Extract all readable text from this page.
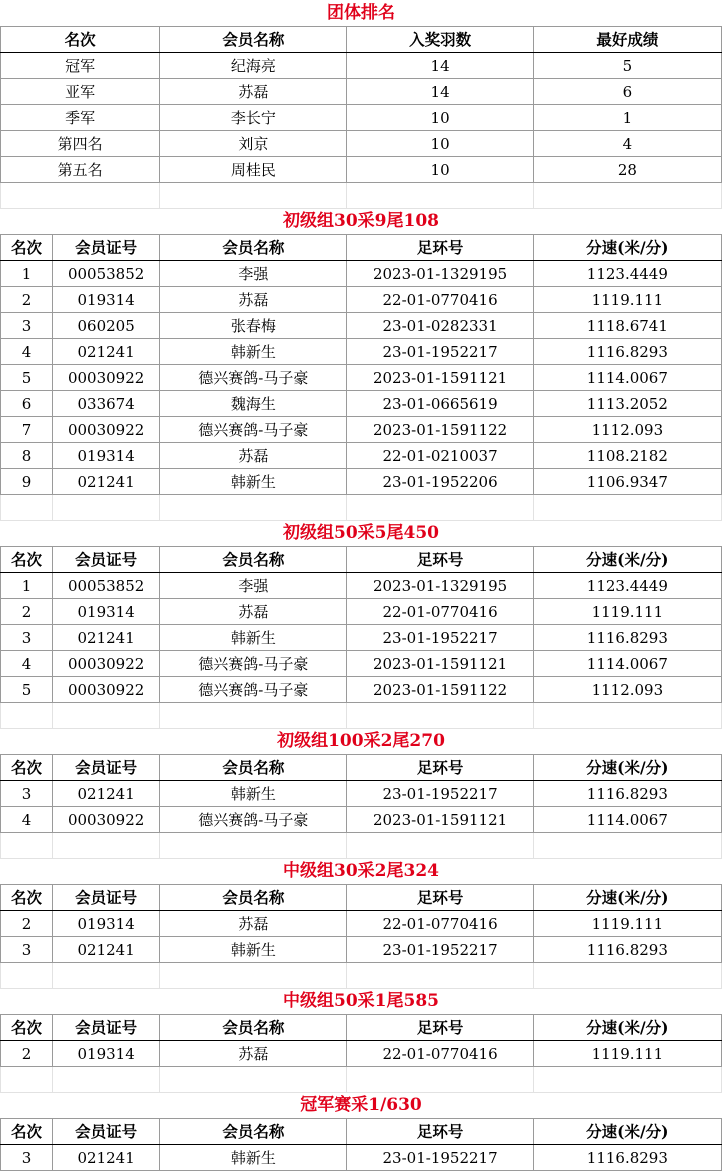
团体排名
名次	会员名称	入奖羽数	最好成绩
冠军	纪海亮	14	5
亚军	苏磊	14	6
季军	李长宁	10	1
第四名	刘京	10	4
第五名	周桂民	10	28

初级组30采9尾108
名次	会员证号	会员名称	足环号	分速(米/分)
1	00053852	李强	2023-01-1329195	1123.4449
2	019314	苏磊	22-01-0770416	1119.111
3	060205	张春梅	23-01-0282331	1118.6741
4	021241	韩新生	23-01-1952217	1116.8293
5	00030922	德兴赛鸽-马子豪	2023-01-1591121	1114.0067
6	033674	魏海生	23-01-0665619	1113.2052
7	00030922	德兴赛鸽-马子豪	2023-01-1591122	1112.093
8	019314	苏磊	22-01-0210037	1108.2182
9	021241	韩新生	23-01-1952206	1106.9347

初级组50采5尾450
名次	会员证号	会员名称	足环号	分速(米/分)
1	00053852	李强	2023-01-1329195	1123.4449
2	019314	苏磊	22-01-0770416	1119.111
3	021241	韩新生	23-01-1952217	1116.8293
4	00030922	德兴赛鸽-马子豪	2023-01-1591121	1114.0067
5	00030922	德兴赛鸽-马子豪	2023-01-1591122	1112.093

初级组100采2尾270
名次	会员证号	会员名称	足环号	分速(米/分)
3	021241	韩新生	23-01-1952217	1116.8293
4	00030922	德兴赛鸽-马子豪	2023-01-1591121	1114.0067

中级组30采2尾324
名次	会员证号	会员名称	足环号	分速(米/分)
2	019314	苏磊	22-01-0770416	1119.111
3	021241	韩新生	23-01-1952217	1116.8293

中级组50采1尾585
名次	会员证号	会员名称	足环号	分速(米/分)
2	019314	苏磊	22-01-0770416	1119.111

冠军赛采1/630
名次	会员证号	会员名称	足环号	分速(米/分)
3	021241	韩新生	23-01-1952217	1116.8293
